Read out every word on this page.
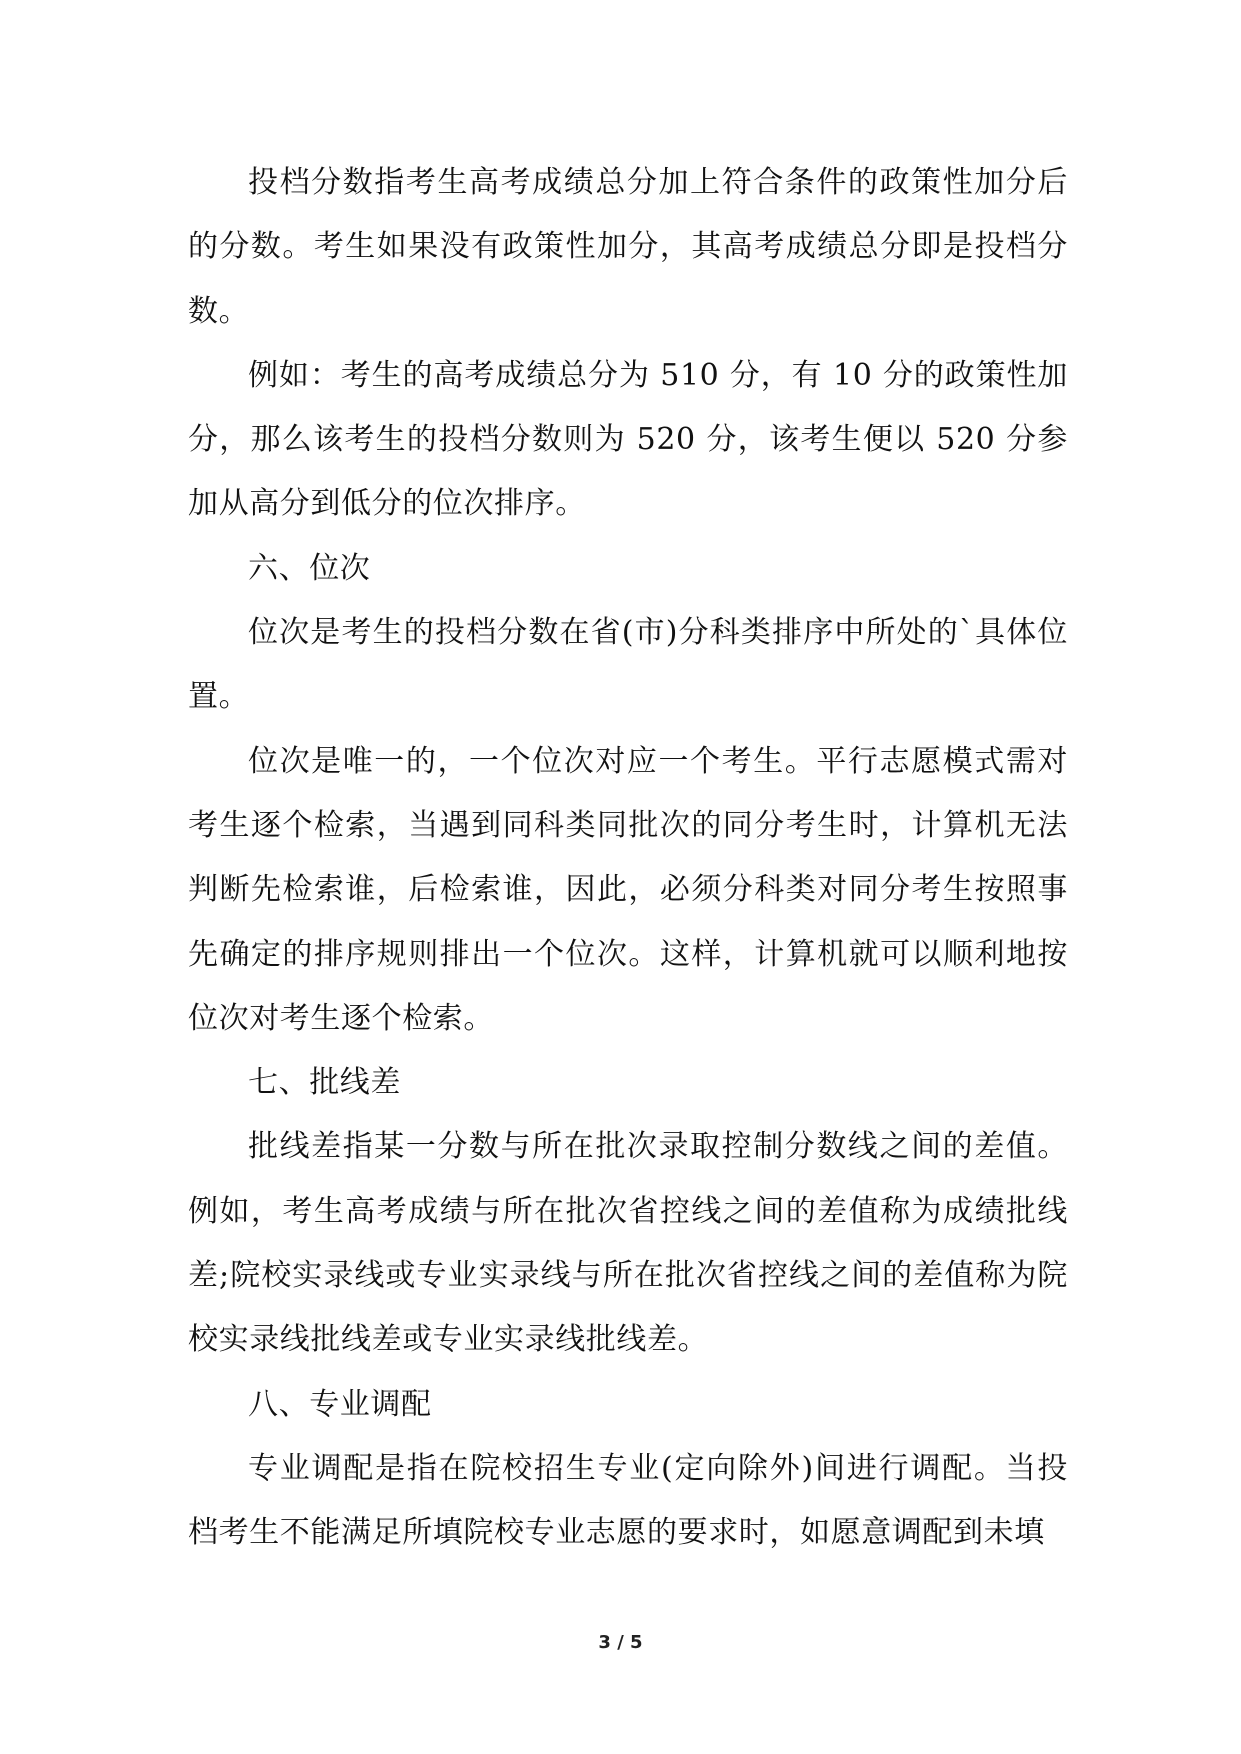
投档分数指考生高考成绩总分加上符合条件的政策性加分后的分数。考生如果没有政策性加分，其高考成绩总分即是投档分数。

例如：考生的高考成绩总分为 510 分，有 10 分的政策性加分，那么该考生的投档分数则为 520 分，该考生便以 520 分参加从高分到低分的位次排序。

六、位次

位次是考生的投档分数在省(市)分科类排序中所处的`具体位置。

位次是唯一的，一个位次对应一个考生。平行志愿模式需对考生逐个检索，当遇到同科类同批次的同分考生时，计算机无法判断先检索谁，后检索谁，因此，必须分科类对同分考生按照事先确定的排序规则排出一个位次。这样，计算机就可以顺利地按位次对考生逐个检索。

七、批线差

批线差指某一分数与所在批次录取控制分数线之间的差值。例如，考生高考成绩与所在批次省控线之间的差值称为成绩批线差;院校实录线或专业实录线与所在批次省控线之间的差值称为院校实录线批线差或专业实录线批线差。

八、专业调配

专业调配是指在院校招生专业(定向除外)间进行调配。当投档考生不能满足所填院校专业志愿的要求时，如愿意调配到未填

3 / 5
